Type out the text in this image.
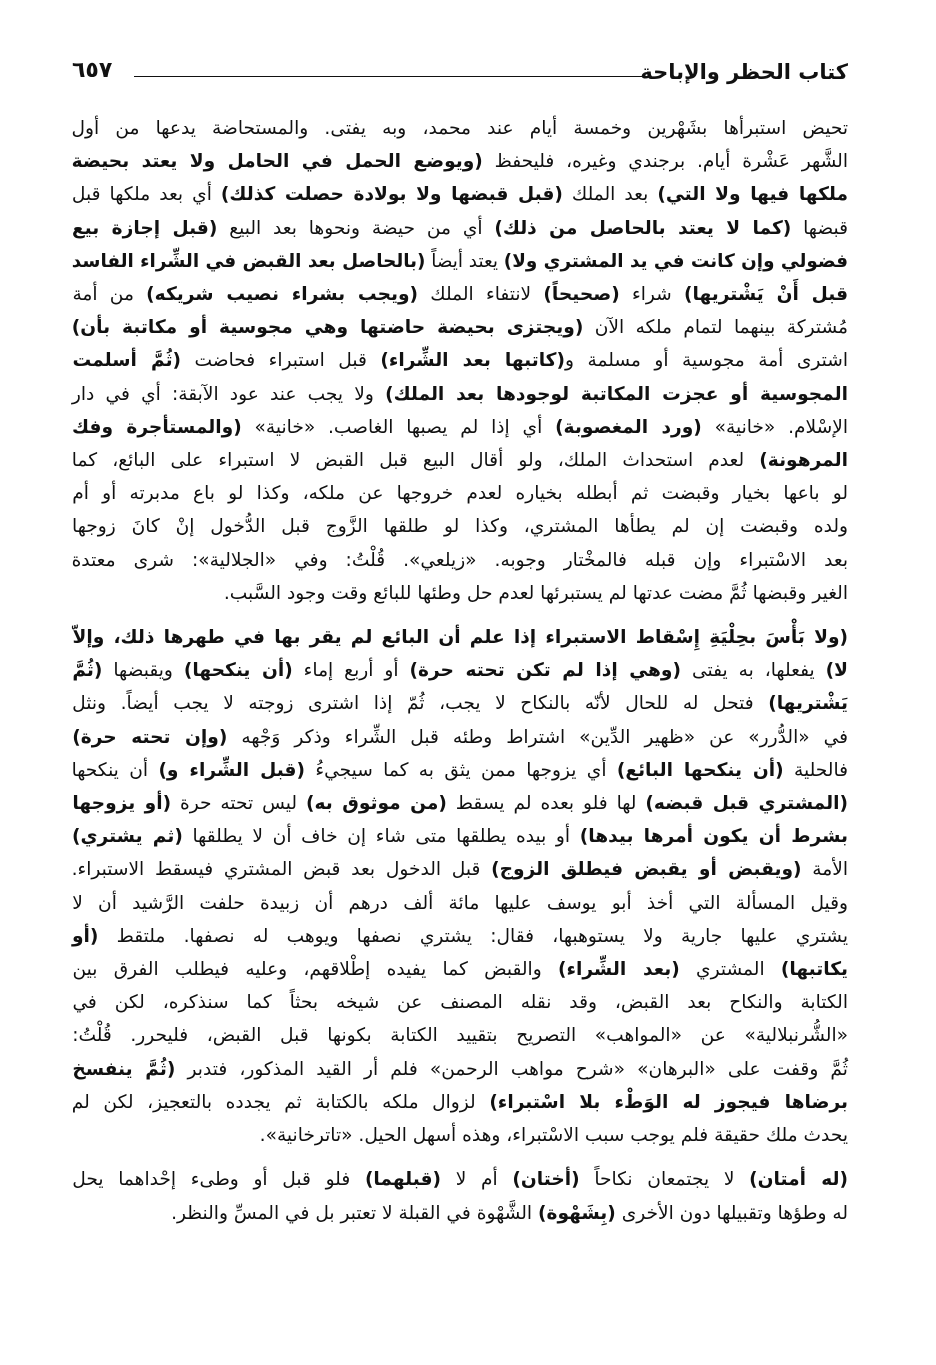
كتاب الحظر والإباحة
٦٥٧

تحيض استبرأها بشَهْرين وخمسة أيام عند محمد، وبه يفتى. والمستحاضة يدعها من أول
الشَّهر عَشْرة أيام. برجندي وغيره، فليحفظ (ويوضع الحمل في الحامل ولا يعتد بحيضة
ملكها فيها ولا التي) بعد الملك (قبل قبضها ولا بولادة حصلت كذلك) أي بعد ملكها قبل
قبضها (كما لا يعتد بالحاصل من ذلك) أي من حيضة ونحوها بعد البيع (قبل إجازة بيع
فضولي وإن كانت في يد المشتري ولا) يعتد أيضاً (بالحاصل بعد القبض في الشِّراء الفاسد
قبل أَنْ يَشْتريها) شراء (صحيحاً) لانتفاء الملك (ويجب بشراء نصيب شريكه) من أمة
مُشتركة بينهما لتمام ملكه الآن (ويجتزى بحيضة حاضتها وهي مجوسية أو مكاتبة بأن)
اشترى أمة مجوسية أو مسلمة و(كاتبها بعد الشِّراء) قبل استبراء فحاضت (ثُمَّ أسلمت
المجوسية أو عجزت المكاتبة لوجودها بعد الملك) ولا يجب عند عود الآبقة: أي في دار
الإسْلام. «خانية» (ورد المغصوبة) أي إذا لم يصبها الغاصب. «خانية» (والمستأجرة وفك
المرهونة) لعدم استحداث الملك، ولو أقال البيع قبل القبض لا استبراء على البائع، كما
لو باعها بخيار وقبضت ثم أبطله بخياره لعدم خروجها عن ملكه، وكذا لو باع مدبرته أو أم
ولده وقبضت إن لم يطأها المشتري، وكذا لو طلقها الزَّوج قبل الدُّخول إنْ كانَ زوجها
بعد الاسْتبراء وإن قبله فالمخْتار وجوبه. «زيلعي». قُلْتُ: وفي «الجلالية»: شرى معتدة
الغير وقبضها ثُمَّ مضت عدتها لم يستبرئها لعدم حل وطئها للبائع وقت وجود السَّبب.

(ولا بَأْسَ بحِلْيَةِ إِسْقاط الاستبراء إذا علم أن البائع لم يقر بها في طهرها ذلك، وإلاّ
لا) يفعلها، به يفتى (وهي إذا لم تكن تحته حرة) أو أربع إماء (أن ينكحها) ويقبضها (ثُمَّ
يَشْتريها) فتحل له للحال لأنّه بالنكاح لا يجب، ثُمّ إذا اشترى زوجته لا يجب أيضاً. ونثل
في «الدُّرر» عن «ظهير الدِّين» اشتراط وطئه قبل الشِّراء وذكر وَجْهه (وإن تحته حرة)
فالحلية (أن ينكحها البائع) أي يزوجها ممن يثق به كما سيجيءُ (قبل الشِّراء و) أن ينكحها
(المشتري قبل قبضه) لها فلو بعده لم يسقط (من موثوق به) ليس تحته حرة (أو يزوجها
بشرط أن يكون أمرها بيدها) أو بيده يطلقها متى شاء إن خاف أن لا يطلقها (ثم يشتري)
الأمة (ويقبض أو يقبض فيطلق الزوج) قبل الدخول بعد قبض المشتري فيسقط الاستبراء.
وقيل المسألة التي أخذ أبو يوسف عليها مائة ألف درهم أن زبيدة حلفت الرَّشيد أن لا
يشتري عليها جارية ولا يستوهبها، فقال: يشتري نصفها ويوهب له نصفها. ملتقط (أو
يكاتبها) المشتري (بعد الشِّراء) والقبض كما يفيده إطْلاقهم، وعليه فيطلب الفرق بين
الكتابة والنكاح بعد القبض، وقد نقله المصنف عن شيخه بحثاً كما سنذكره، لكن في
«الشُّرنبلالية» عن «المواهب» التصريح بتقييد الكتابة بكونها قبل القبض، فليحرر. قُلْتُ:
ثُمَّ وقفت على «البرهان» «شرح مواهب الرحمن» فلم أر القيد المذكور، فتدبر (ثُمَّ ينفسخ
برضاها فيجوز له الوَطْء بلا اسْتبراء) لزوال ملكه بالكتابة ثم يجدده بالتعجيز، لكن لم
يحدث ملك حقيقة فلم يوجب سبب الاسْتبراء، وهذه أسهل الحيل. «تاترخانية».

(له أمتان) لا يجتمعان نكاحاً (أختان) أم لا (قبلهما) فلو قبل أو وطىء إحْداهما يحل
له وطؤها وتقبيلها دون الأخرى (بِشَهْوة) الشَّهْوة في القبلة لا تعتبر بل في المسِّ والنظر.
